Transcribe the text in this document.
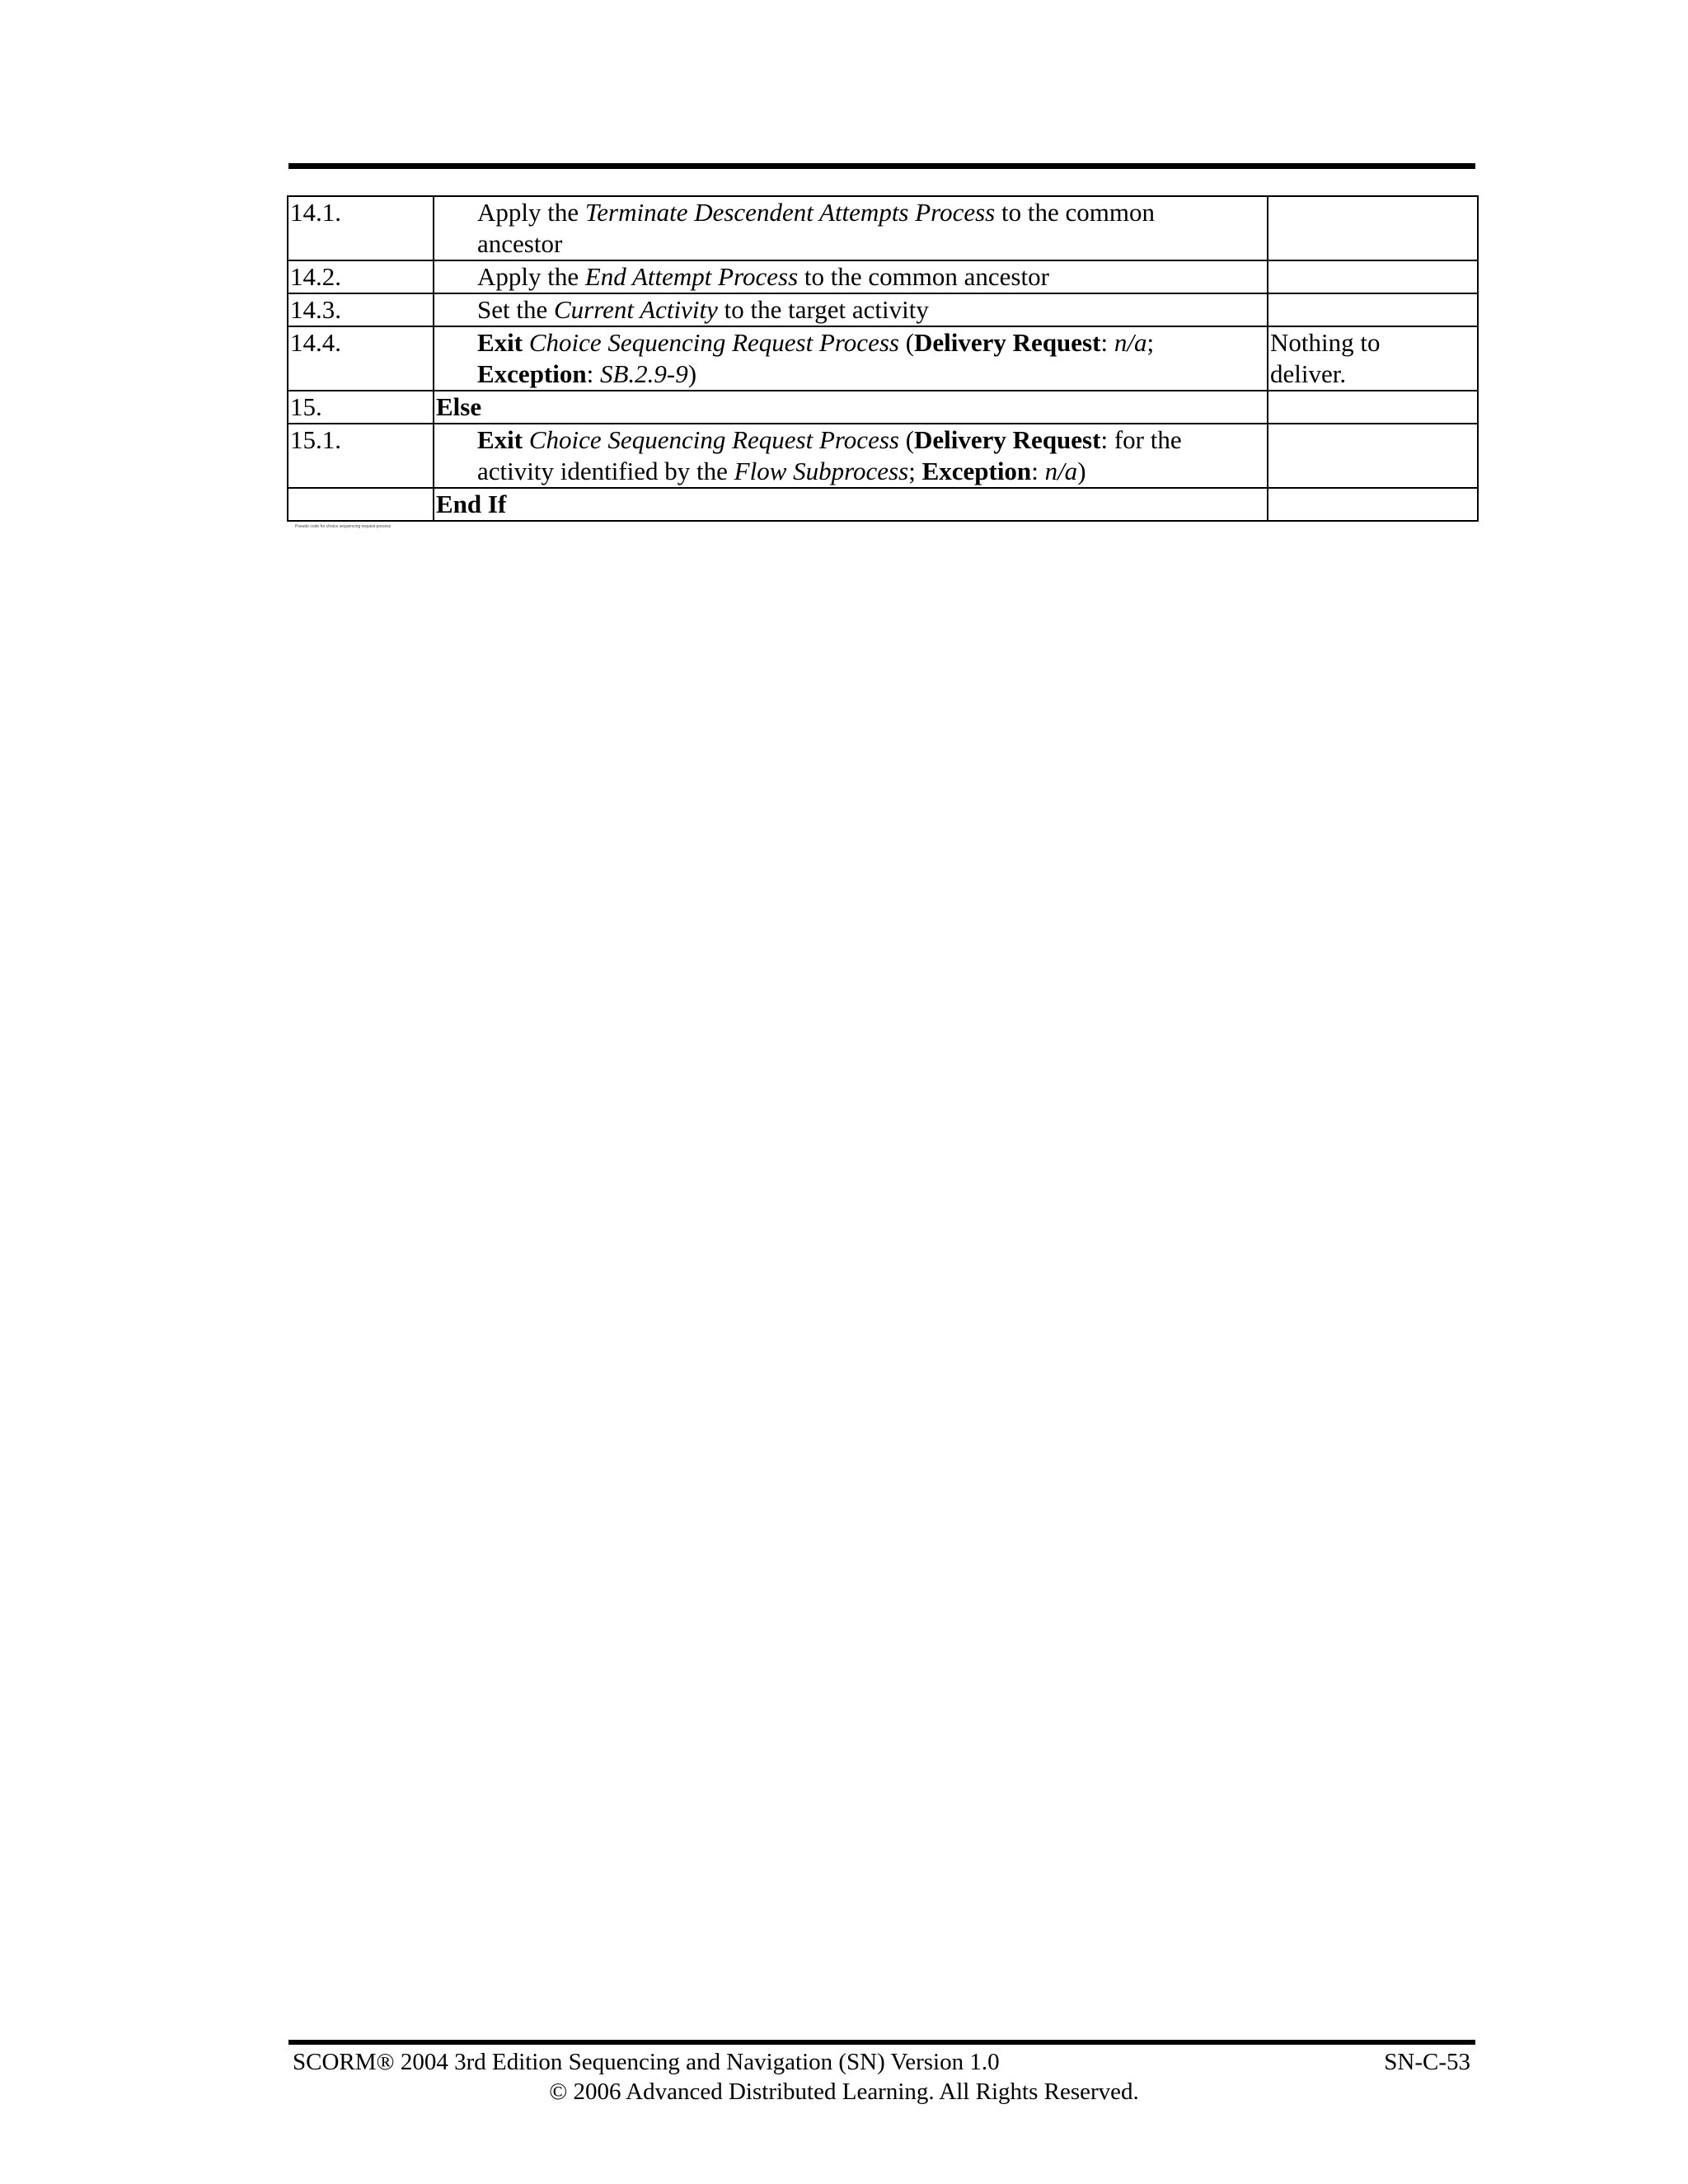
14.1.	Apply the Terminate Descendent Attempts Process to the common
ancestor	

14.2.	Apply the End Attempt Process to the common ancestor	
14.3.	Set the Current Activity to the target activity	
14.4.	Exit Choice Sequencing Request Process (Delivery Request: n/a;
Exception: SB.2.9-9)	Nothing to
deliver.

15.	Else	
15.1.	Exit Choice Sequencing Request Process (Delivery Request: for the
activity identified by the Flow Subprocess; Exception: n/a)	

	End If	
Pseudo code for choice sequencing request process
SCORM® 2004 3rd Edition Sequencing and Navigation (SN) Version 1.0	SN-C-53
© 2006 Advanced Distributed Learning. All Rights Reserved.
